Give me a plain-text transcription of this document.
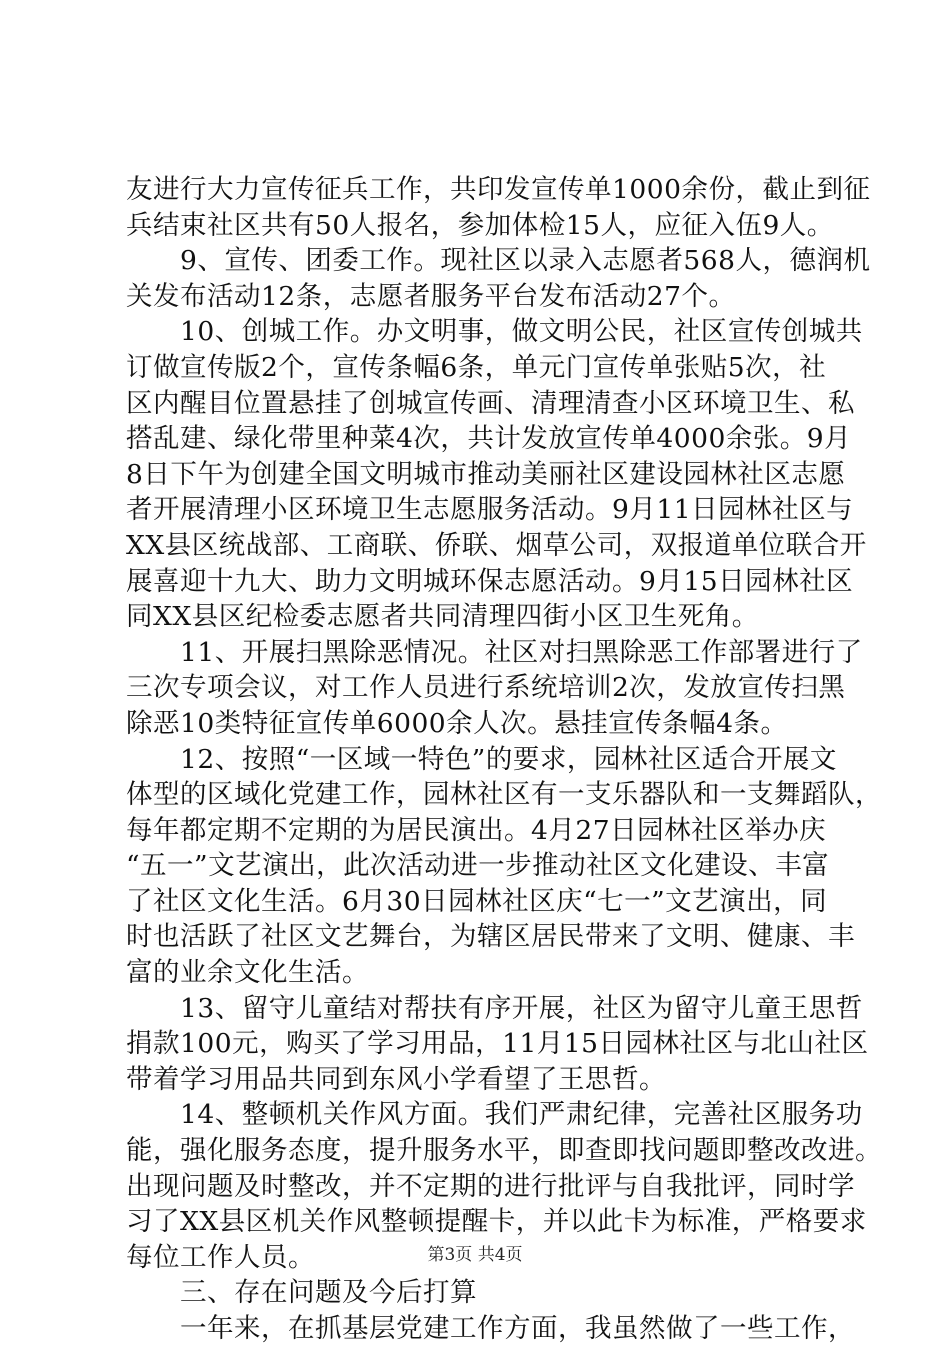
友进行大力宣传征兵工作，共印发宣传单1000余份，截止到征
兵结束社区共有50人报名，参加体检15人，应征入伍9人。
9、宣传、团委工作。现社区以录入志愿者568人，德润机
关发布活动12条，志愿者服务平台发布活动27个。
10、创城工作。办文明事，做文明公民，社区宣传创城共
订做宣传版2个，宣传条幅6条，单元门宣传单张贴5次，社
区内醒目位置悬挂了创城宣传画、清理清查小区环境卫生、私
搭乱建、绿化带里种菜4次，共计发放宣传单4000余张。9月
8日下午为创建全国文明城市推动美丽社区建设园林社区志愿
者开展清理小区环境卫生志愿服务活动。9月11日园林社区与
XX县区统战部、工商联、侨联、烟草公司，双报道单位联合开
展喜迎十九大、助力文明城环保志愿活动。9月15日园林社区
同XX县区纪检委志愿者共同清理四街小区卫生死角。
11、开展扫黑除恶情况。社区对扫黑除恶工作部署进行了
三次专项会议，对工作人员进行系统培训2次，发放宣传扫黑
除恶10类特征宣传单6000余人次。悬挂宣传条幅4条。
12、按照“一区域一特色”的要求，园林社区适合开展文
体型的区域化党建工作，园林社区有一支乐器队和一支舞蹈队，
每年都定期不定期的为居民演出。4月27日园林社区举办庆
“五一”文艺演出，此次活动进一步推动社区文化建设、丰富
了社区文化生活。6月30日园林社区庆“七一”文艺演出，同
时也活跃了社区文艺舞台，为辖区居民带来了文明、健康、丰
富的业余文化生活。
13、留守儿童结对帮扶有序开展，社区为留守儿童王思哲
捐款100元，购买了学习用品，11月15日园林社区与北山社区
带着学习用品共同到东风小学看望了王思哲。
14、整顿机关作风方面。我们严肃纪律，完善社区服务功
能，强化服务态度，提升服务水平，即查即找问题即整改改进。
出现问题及时整改，并不定期的进行批评与自我批评，同时学
习了XX县区机关作风整顿提醒卡，并以此卡为标准，严格要求
每位工作人员。
三、存在问题及今后打算
一年来，在抓基层党建工作方面，我虽然做了一些工作，
第3页 共4页
